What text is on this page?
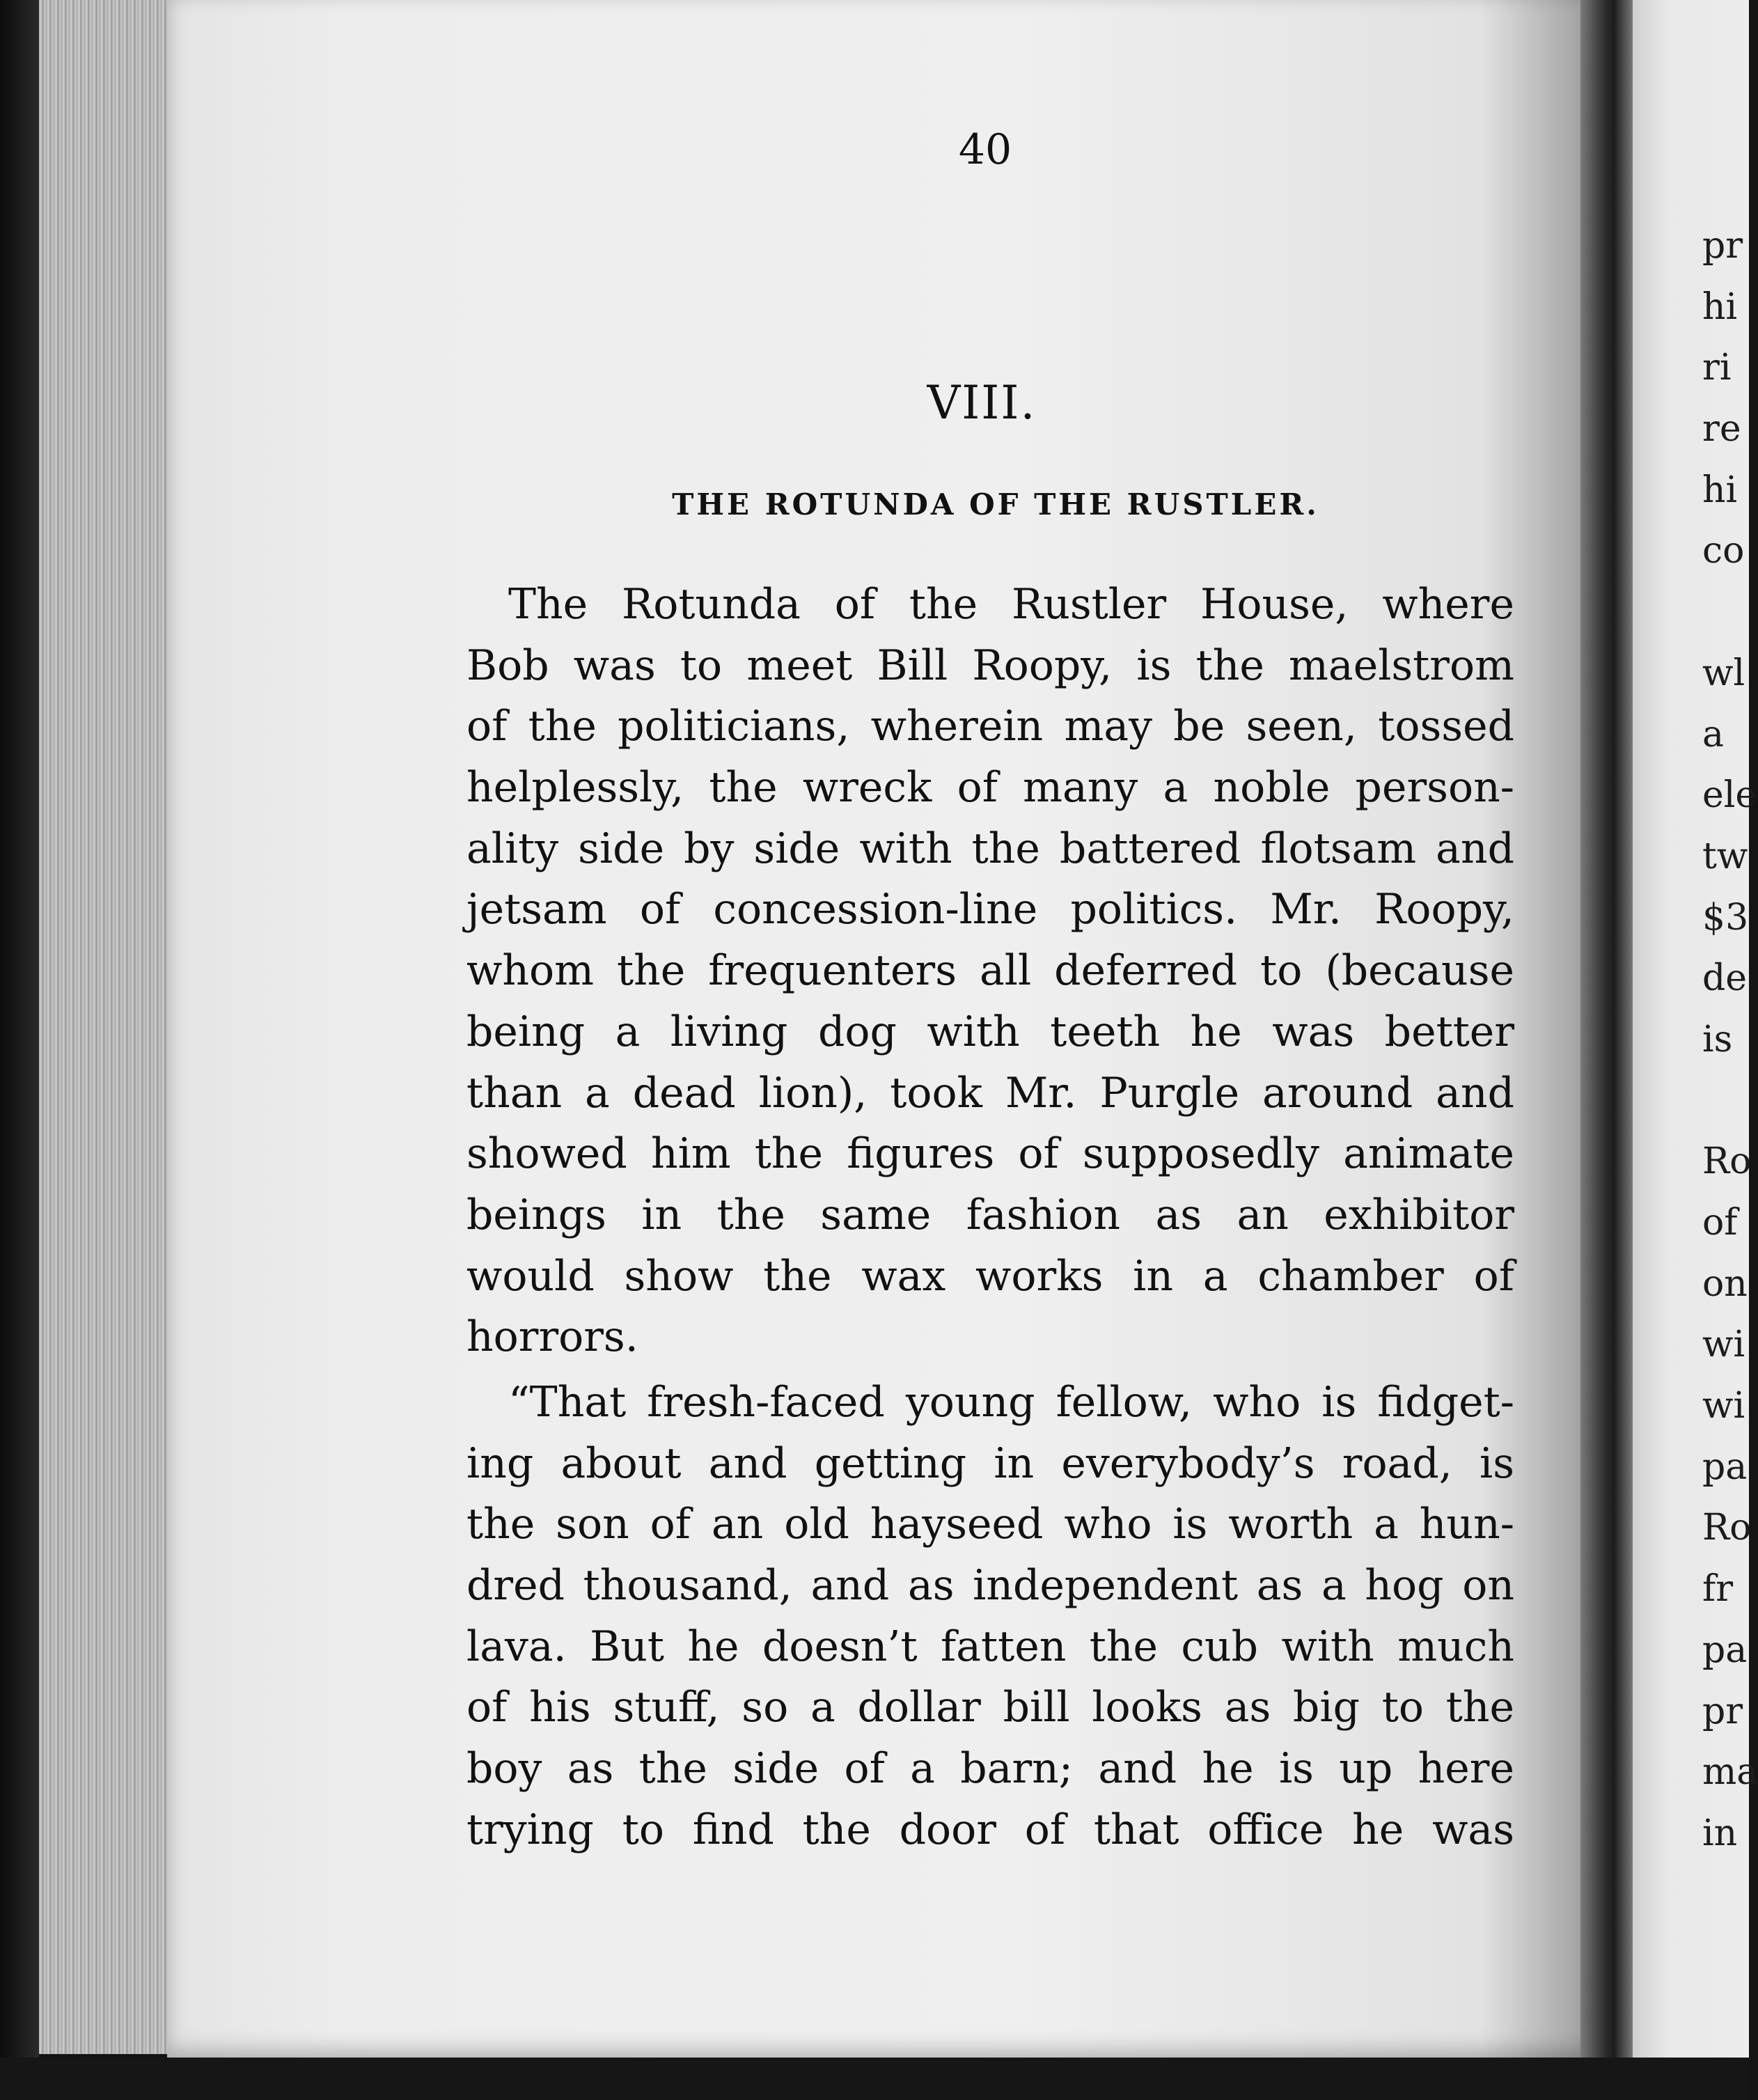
40
VIII.
THE ROTUNDA OF THE RUSTLER.
The Rotunda of the Rustler House, where
Bob was to meet Bill Roopy, is the maelstrom
of the politicians, wherein may be seen, tossed
helplessly, the wreck of many a noble person-
ality side by side with the battered flotsam and
jetsam of concession-line politics. Mr. Roopy,
whom the frequenters all deferred to (because
being a living dog with teeth he was better
than a dead lion), took Mr. Purgle around and
showed him the figures of supposedly animate
beings in the same fashion as an exhibitor
would show the wax works in a chamber of
horrors.
“That fresh-faced young fellow, who is fidget-
ing about and getting in everybody’s road, is
the son of an old hayseed who is worth a hun-
dred thousand, and as independent as a hog on
lava. But he doesn’t fatten the cub with much
of his stuff, so a dollar bill looks as big to the
boy as the side of a barn; and he is up here
trying to find the door of that office he was
pr
hi
ri
re
hi
co
wl
a
ele
tw
$3
de
is
Ro
of
on
wi
wi
pa
Ro
fr
pa
pr
ma
in
